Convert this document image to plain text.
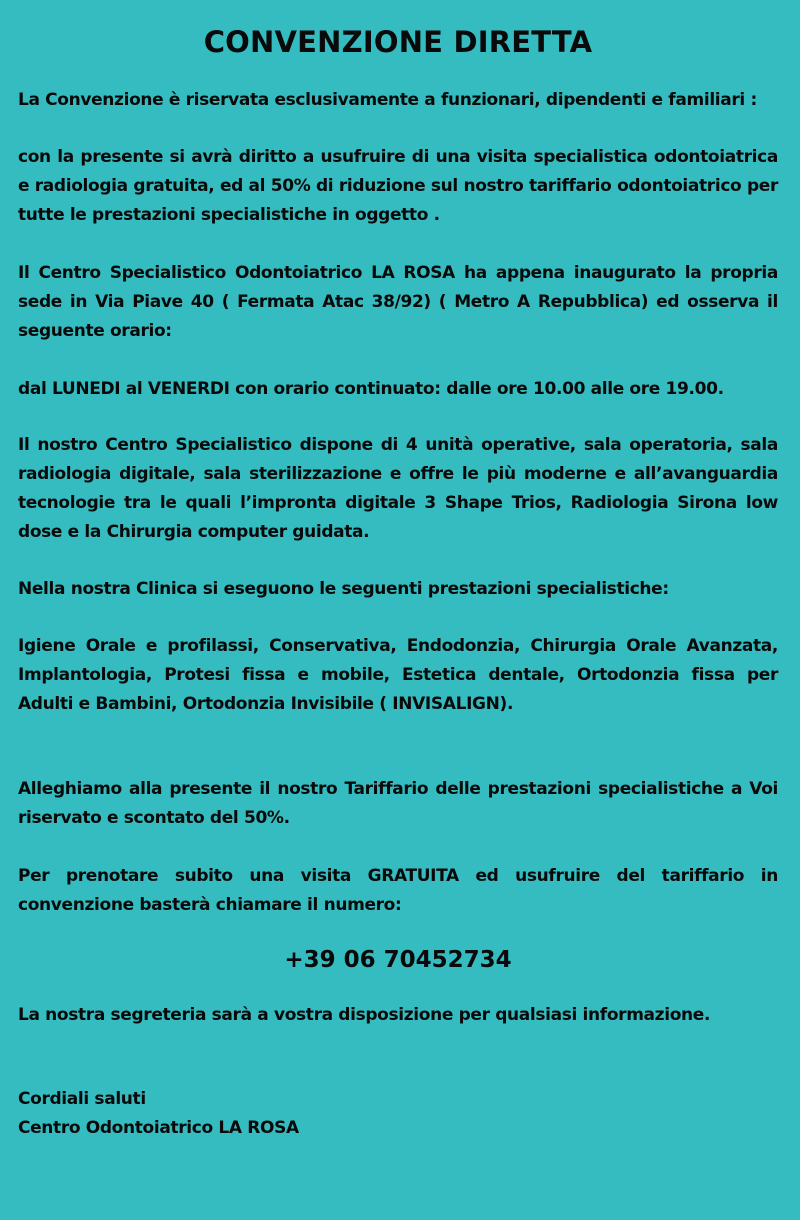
CONVENZIONE DIRETTA

La Convenzione è riservata esclusivamente a funzionari, dipendenti e familiari :

con la presente si avrà diritto a usufruire di una visita specialistica odontoiatrica e radiologia gratuita, ed al 50% di riduzione sul nostro tariffario odontoiatrico per tutte le prestazioni specialistiche in oggetto .

Il Centro Specialistico Odontoiatrico LA ROSA ha appena inaugurato la propria sede in Via Piave 40 ( Fermata Atac 38/92) ( Metro A Repubblica) ed osserva il seguente orario:

dal LUNEDI al VENERDI con orario continuato: dalle ore 10.00 alle ore 19.00.

Il nostro Centro Specialistico dispone di 4 unità operative, sala operatoria, sala radiologia digitale, sala sterilizzazione e offre le più moderne e all’avanguardia tecnologie tra le quali l’impronta digitale 3 Shape Trios, Radiologia Sirona low dose e la Chirurgia computer guidata.

Nella nostra Clinica si eseguono le seguenti prestazioni specialistiche:

Igiene Orale e profilassi, Conservativa, Endodonzia, Chirurgia Orale Avanzata, Implantologia, Protesi fissa e mobile, Estetica dentale, Ortodonzia fissa per Adulti e Bambini, Ortodonzia Invisibile ( INVISALIGN).

Alleghiamo alla presente il nostro Tariffario delle prestazioni specialistiche a Voi riservato e scontato del 50%.

Per prenotare subito una visita GRATUITA ed usufruire del tariffario in convenzione basterà chiamare il numero:

+39 06 70452734

La nostra segreteria sarà a vostra disposizione per qualsiasi informazione.

Cordiali saluti
Centro Odontoiatrico LA ROSA
